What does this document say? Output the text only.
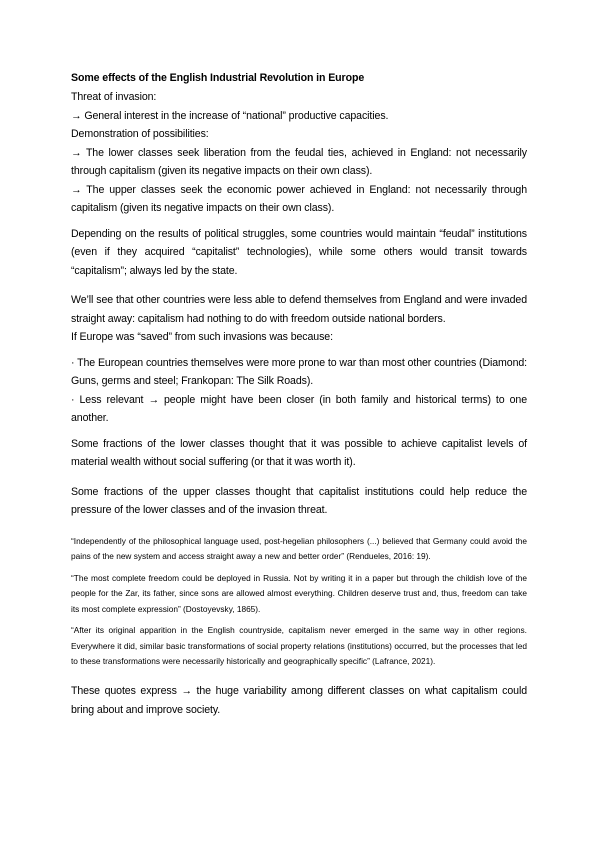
Some effects of the English Industrial Revolution in Europe

Threat of invasion:

→ General interest in the increase of “national” productive capacities.

Demonstration of possibilities:

→ The lower classes seek liberation from the feudal ties, achieved in England: not necessarily through capitalism (given its negative impacts on their own class).

→ The upper classes seek the economic power achieved in England: not necessarily through capitalism (given its negative impacts on their own class).

Depending on the results of political struggles, some countries would maintain “feudal” institutions (even if they acquired “capitalist” technologies), while some others would transit towards “capitalism”; always led by the state.

We’ll see that other countries were less able to defend themselves from England and were invaded straight away: capitalism had nothing to do with freedom outside national borders.

If Europe was “saved” from such invasions was because:

· The European countries themselves were more prone to war than most other countries (Diamond: Guns, germs and steel; Frankopan: The Silk Roads).

· Less relevant → people might have been closer (in both family and historical terms) to one another.

Some fractions of the lower classes thought that it was possible to achieve capitalist levels of material wealth without social suffering (or that it was worth it).

Some fractions of the upper classes thought that capitalist institutions could help reduce the pressure of the lower classes and of the invasion threat.

“Independently of the philosophical language used, post-hegelian philosophers (...) believed that Germany could avoid the pains of the new system and access straight away a new and better order” (Rendueles, 2016: 19).

“The most complete freedom could be deployed in Russia. Not by writing it in a paper but through the childish love of the people for the Zar, its father, since sons are allowed almost everything. Children deserve trust and, thus, freedom can take its most complete expression” (Dostoyevsky, 1865).

“After its original apparition in the English countryside, capitalism never emerged in the same way in other regions. Everywhere it did, similar basic transformations of social property relations (institutions) occurred, but the processes that led to these transformations were necessarily historically and geographically specific” (Lafrance, 2021).

These quotes express → the huge variability among different classes on what capitalism could bring about and improve society.
